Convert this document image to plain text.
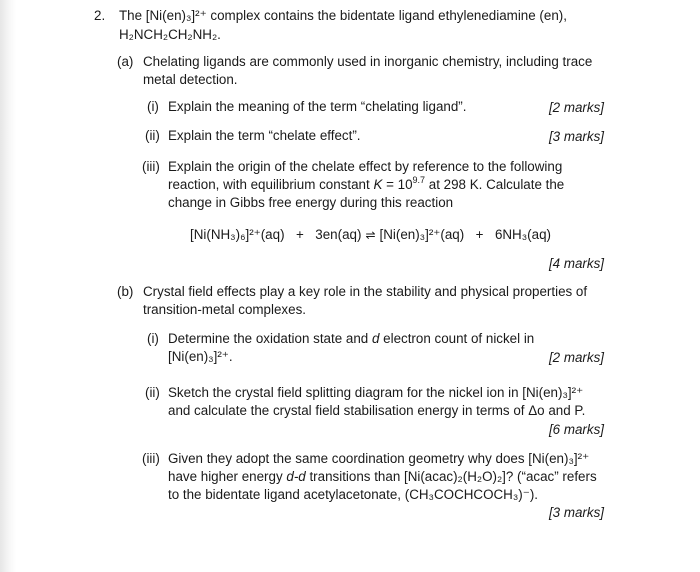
2. The [Ni(en)₃]²⁺ complex contains the bidentate ligand ethylenediamine (en),
H₂NCH₂CH₂NH₂.
(a) Chelating ligands are commonly used in inorganic chemistry, including trace
metal detection.
(i) Explain the meaning of the term “chelating ligand”.	[2 marks]
(ii) Explain the term “chelate effect”.	[3 marks]
(iii) Explain the origin of the chelate effect by reference to the following
reaction, with equilibrium constant $K = 10^{9.7}$ at 298 K. Calculate the
change in Gibbs free energy during this reaction
[Ni(NH₃)₆]²⁺(aq) + 3en(aq) ⇌ [Ni(en)₃]²⁺(aq) + 6NH₃(aq)
[4 marks]
(b) Crystal field effects play a key role in the stability and physical properties of
transition-metal complexes.
(i) Determine the oxidation state and d electron count of nickel in
[Ni(en)₃]²⁺.	[2 marks]
(ii) Sketch the crystal field splitting diagram for the nickel ion in [Ni(en)₃]²⁺
and calculate the crystal field stabilisation energy in terms of Δo and P.
[6 marks]
(iii) Given they adopt the same coordination geometry why does [Ni(en)₃]²⁺
have higher energy d-d transitions than [Ni(acac)₂(H₂O)₂]? (“acac” refers
to the bidentate ligand acetylacetonate, (CH₃COCHCOCH₃)⁻).
[3 marks]
